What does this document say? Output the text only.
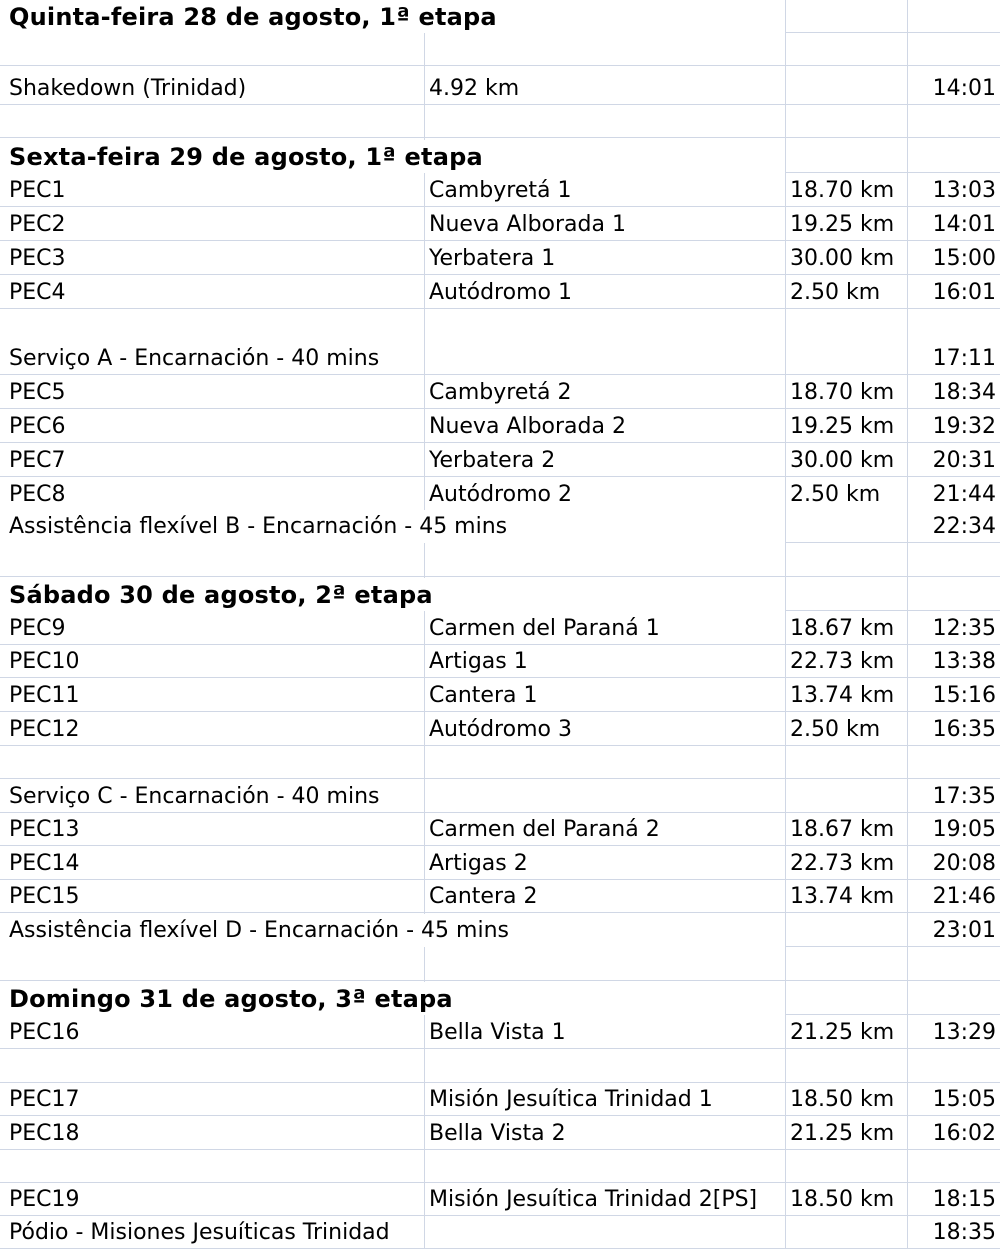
Quinta-feira 28 de agosto, 1ª etapa
Shakedown (Trinidad)	4.92 km	14:01
Sexta-feira 29 de agosto, 1ª etapa
PEC1	Cambyretá 1	18.70 km 13:03
PEC2	Nueva Alborada 1	19.25 km 14:01
PEC3	Yerbatera 1	30.00 km 15:00
PEC4	Autódromo 1	2.50 km 16:01
Serviço A - Encarnación - 40 mins	17:11
PEC5	Cambyretá 2	18.70 km 18:34
PEC6	Nueva Alborada 2	19.25 km 19:32
PEC7	Yerbatera 2	30.00 km 20:31
PEC8	Autódromo 2	2.50 km 21:44
Assistência flexível B - Encarnación - 45 mins	22:34
Sábado 30 de agosto, 2ª etapa
PEC9	Carmen del Paraná 1	18.67 km 12:35
PEC10	Artigas 1	22.73 km 13:38
PEC11	Cantera 1	13.74 km 15:16
PEC12	Autódromo 3	2.50 km 16:35
Serviço C - Encarnación - 40 mins	17:35
PEC13	Carmen del Paraná 2	18.67 km 19:05
PEC14	Artigas 2	22.73 km 20:08
PEC15	Cantera 2	13.74 km 21:46
Assistência flexível D - Encarnación - 45 mins	23:01
Domingo 31 de agosto, 3ª etapa
PEC16	Bella Vista 1	21.25 km 13:29
PEC17	Misión Jesuítica Trinidad 1	18.50 km 15:05
PEC18	Bella Vista 2	21.25 km 16:02
PEC19	Misión Jesuítica Trinidad 2[PS] 18.50 km 18:15
Pódio - Misiones Jesuíticas Trinidad	18:35
